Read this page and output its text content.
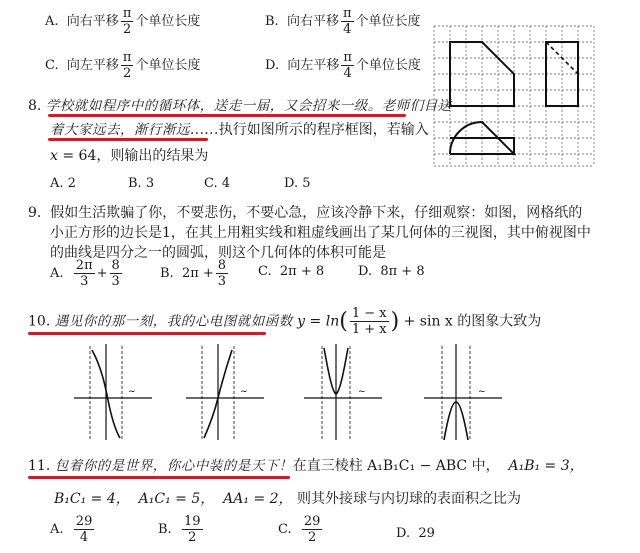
A. 向右平移 $\frac{\pi}{2}$ 个单位长度	B. 向右平移 $\frac{\pi}{4}$ 个单位长度
C. 向左平移 $\frac{\pi}{2}$ 个单位长度	D. 向左平移 $\frac{\pi}{4}$ 个单位长度
8. 学校就如程序中的循环体，送走一届，又会招来一级。老师们目送
着大家远去，渐行渐远......执行如图所示的程序框图，若输入
x = 64，则输出的结果为
A. 2	B. 3	C. 4	D. 5
9. 假如生活欺骗了你，不要悲伤，不要心急，应该冷静下来，仔细观察：如图，网格纸的
小正方形的边长是1，在其上用粗实线和粗虚线画出了某几何体的三视图，其中俯视图中
的曲线是四分之一的圆弧，则这个几何体的体积可能是
A. $\frac{2\pi}{3} + \frac{8}{3}$	B. $2\pi + \frac{8}{3} C$. 2π + 8	D. 8π + 8
10. 遇见你的那一刻，我的心电图就如函数 $y = \ln( \frac{1 - x}{1 + x}$ ) + sin x 的图象大致为
~	~	~	~
11. 包着你的是世界，你心中装的是天下！在直三棱柱 A₁B₁C₁ − ABC 中， A₁B₁ = 3，
B₁C₁ = 4， A₁C₁ = 5， AA₁ = 2， 则其外接球与内切球的表面积之比为
A. $\frac{29}{4}$	B. $\frac{19}{2}$	C. $\frac{29}{2}$	D. 29
